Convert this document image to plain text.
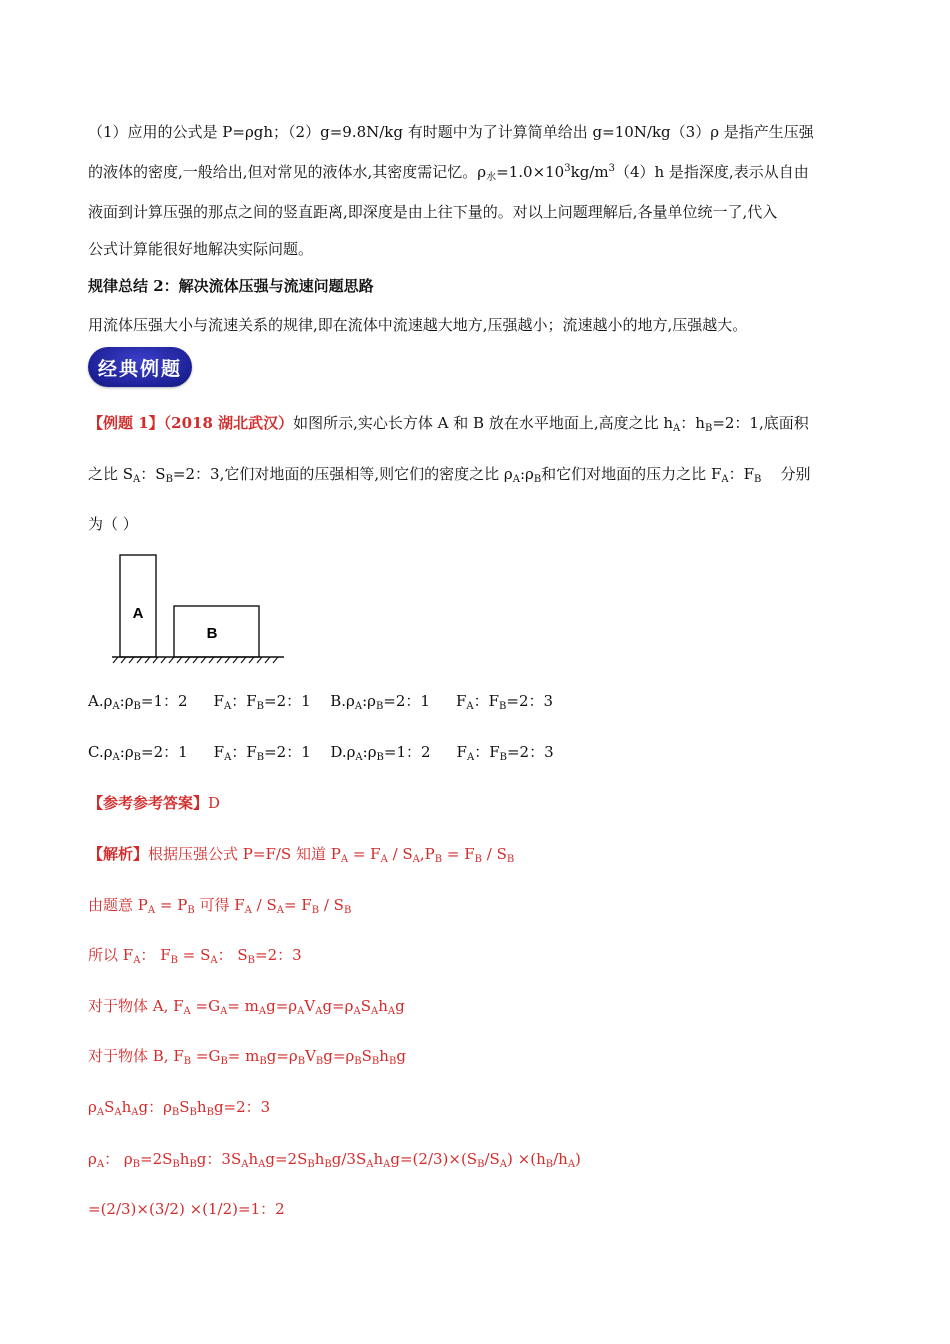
（1）应用的公式是 P=ρgh；（2）g=9.8N/kg 有时题中为了计算简单给出 g=10N/kg（3）ρ 是指产生压强
的液体的密度,一般给出,但对常见的液体水,其密度需记忆。$\rho_水=1.0\times 10^3kg/m^3(4)h$ 是指深度,表示从自由
液面到计算压强的那点之间的竖直距离,即深度是由上往下量的。对以上问题理解后,各量单位统一了,代入
公式计算能很好地解决实际问题。
规律总结 2：解决流体压强与流速问题思路
用流体压强大小与流速关系的规律,即在流体中流速越大地方,压强越小；流速越小的地方,压强越大。
经典例题
【例题 1】（2018 湖北武汉）如图所示,实心长方体 A 和 B 放在水平地面上,高度之比 $h_A$：$h_B=2$：1,底面积
之比 $S_A$：$S_B=2$：3,它们对地面的压强相等,则它们的密度之比 $\rho_A:\rho_B$和它们对地面的压力之比 $F_A$：$F_B$    分别
为（ ）
A
B
$A.\rho_A:\rho_B=1$：2 $F_A$：$F_B=2$：1 $B.\rho_A:\rho_B=2$：1 $F_A$：$F_B=2$：3
$C.\rho_A:\rho_B=2$：1 $F_A$：$F_B=2$：1 $D.\rho_A:\rho_B=1$：2 $F_A$：$F_B=2$：3
【参考参考答案】D
【解析】根据压强公式 P=F/S 知道 $P_A = F_A / S_A,P_B = F_B / S_B$
由题意 $P_A = P_B$ 可得 $F_A / S_A= F_B / S_B$
所以 $F_A$： $F_B = S_A$： $S_B=2$：3
对于物体 A, $F_A =G_A= m_Ag=\rho_AV_Ag=\rho_AS_Ah_Ag$
对于物体 B, $F_B =G_B= m_Bg=\rho_BV_Bg=\rho_BS_Bh_Bg$
$\rho_AS_Ah_Ag$：$\rho_BS_Bh_Bg=2$：3
$\rho_A$： $\rho_B=2S_Bh_Bg$：$3S_Ah_Ag=2S_Bh_Bg/3S_Ah_Ag=(2/3)\times(S_B/S_A) \times(h_B/h_A)$
=(2/3)×(3/2) ×(1/2)=1：2
